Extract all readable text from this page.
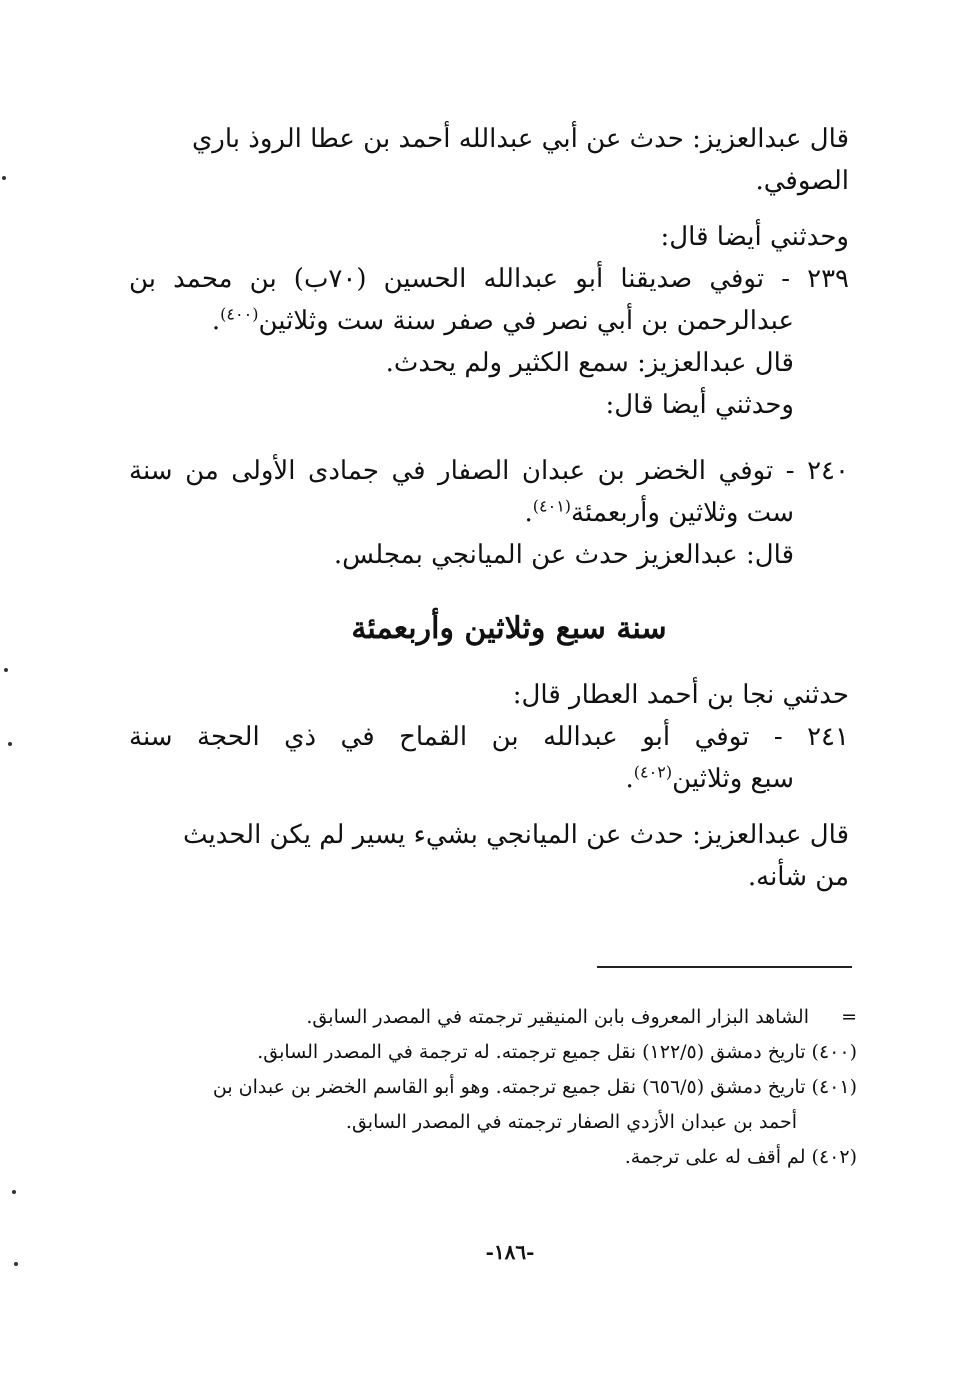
قال عبدالعزيز: حدث عن أبي عبدالله أحمد بن عطا الروذ باري
الصوفي.

وحدثني أيضا قال:

٢٣٩ - توفي صديقنا أبو عبدالله الحسين (٧٠ب) بن محمد بن

عبدالرحمن بن أبي نصر في صفر سنة ست وثلاثين$^{(٤٠٠)}$.
قال عبدالعزيز: سمع الكثير ولم يحدث.
وحدثني أيضا قال:

٢٤٠ - توفي الخضر بن عبدان الصفار في جمادى الأولى من سنة

ست وثلاثين وأربعمئة$^{(٤٠١)}$.
قال: عبدالعزيز حدث عن الميانجي بمجلس.

سنة سبع وثلاثين وأربعمئة

حدثني نجا بن أحمد العطار قال:

٢٤١ - توفي أبو عبدالله بن القماح في ذي الحجة سنة

سبع وثلاثين$^{(٤٠٢)}$.

قال عبدالعزيز: حدث عن الميانجي بشيء يسير لم يكن الحديث
من شأنه.

=الشاهد البزار المعروف بابن المنيقير ترجمته في المصدر السابق.

(٤٠٠) تاريخ دمشق (١٢٢/٥) نقل جميع ترجمته. له ترجمة في المصدر السابق.

(٤٠١) تاريخ دمشق (٦٥٦/٥) نقل جميع ترجمته. وهو أبو القاسم الخضر بن عبدان بن
أحمد بن عبدان الأزدي الصفار ترجمته في المصدر السابق.

(٤٠٢) لم أقف له على ترجمة.

-١٨٦-
